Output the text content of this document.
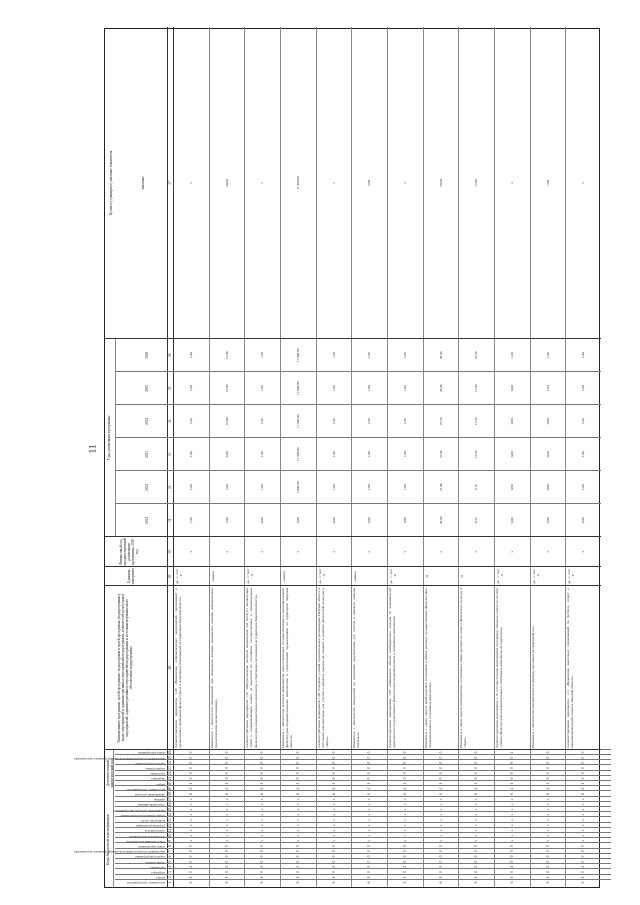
11
Коды бюджетной классификации
Дополнительный аналитический код
Наименование программы, целей программы, подпрограмм и целей программы (подпрограммы), задач, мероприятий и административных мероприятий подпрограммы, показателей цели (задач) мероприятий, административных мероприятий подпрограммы и источников финансового обеспечения подпрограммы
Единица измерения
Финансовый год, предшествующий реализации программы, 2020 год
Годы реализации программы
Целевое (суммарное) значение показателя	значение
код главного распорядителя
раздел
подраздел
программа
подпрограмма
задача подпрограммы
мероприятие (подпрограммы или административное мероприятие)
номер мероприятия
ответственный исполнитель
исполнитель мероприятия
соисполнитель
участник реализации
количество часов
подпрограмма (дополнительная)
направление расходов (программное)
отраслевой признак
признак
направление расходов
код главного распорядителя
раздел
подраздел
программа
подпрограмма
задача подпрограммы
мероприятие (подпрограммы или административное мероприятие)
номер мероприятия
2021
2022
2023
2024
2025
2026
1
2
3
4
5
6
7
8
9
10
11
12
13
14
15
16
17
18
19
20
21
22
23
24
25
26
28
29
30
31
32
33
34
35
36
37
6
1
0
2
0
0
0
0
х
х
х
х
х
х
х
х
х
6
4
1
0
0
0
0
0
0
Административное мероприятие 1.06 «Проведение добровольческих мероприятий, организаций и организация и проведение физкультурных и спортивных мероприятий на территории Тверской области»
да - 1 / нет - 0
х
1,00
1,00
1,00
1,00
1,00
1,00
х
6
1
0
2
0
0
0
0
х
х
х
х
х
х
х
х
х
6
4
1
0
0
0
0
0
0
Показатель 1 «Количество мероприятий, при проведении которых оказывалась помощь добровольцами (волонтерскими организациями)»
единиц
х
5,00
7,00
9,00
10,00
12,00
15,00
58,00
6
1
0
2
0
0
0
0
х
х
х
х
х
х
х
х
х
6
4
1
0
0
0
0
0
0
Административное мероприятие 1.07 «Предоставление льготных абонементов для детей из малоимущих семей и сопровождающих одного из родителей на посещение государственных и муниципальных физкультурно-оздоровительных комплексов и спортивных организаций на территории Тверской области»
да - 1 / нет - 0
х
0,00
1,00
1,00
1,00
1,00
1,00
х
6
1
0
2
0
0
0
0
х
х
х
х
х
х
х
х
х
6
4
1
0
0
0
0
0
0
Показатель 1 «Количество льготных абонементов, предоставленных государственными и муниципальными физкультурно-оздоровительными комплексами и спортивными организациями на территории Тверской области»
единиц
х
0,00
5 000,00
11 000,00
11 000,00
11 000,00
11 000,00
11 000,00
6
1
0
2
0
0
0
0
х
х
х
х
х
х
х
х
х
6
4
1
0
0
0
0
0
0
Административное мероприятие 1.08 «Создание условий муниципальным организациям Тверской области в получении документации для участия в проектах граждан на создание и развитие физической культуры и спорта»
да - 1 / нет - 0
х
0,00
1,00
1,00
1,00
1,00
1,00
х
6
1
0
2
0
0
0
0
х
х
х
х
х
х
х
х
х
6
4
1
0
0
0
0
0
0
Показатель 1 «Количество конкурсной по подготовке документации для участия в проектах граждан подобных»
единиц
х
0,00
1,00
1,00
1,00
1,00
1,00
5,00
6
1
0
2
0
0
0
0
х
х
х
х
х
х
х
х
х
6
4
1
0
0
0
0
0
0
Административное мероприятие 1.09 «Повышение объема внебюджетных доходов от возможностей деятельности государственных физкультурно-оздоровительных и спортивных комплексов»
да - 1 / нет - 0
х
0,00
1,00
1,00
1,00
1,00
1,00
х
6
1
0
2
0
0
0
0
х
х
х
х
х
х
х
х
х
6
4
1
0
0
0
0
0
0
Показатель 1 «Доля средств внебюджетных источников в общих расходах государственных физкультурно-оздоровительных и спортивных комплексов»
%
х
20,00
27,40
27,00
27,50
28,00
28,00
28,50
6
1
0
2
0
0
0
0
х
х
х
х
х
х
х
х
х
6
4
1
0
0
0
0
0
0
Показатель 2 «Доля средств внебюджетных источников в общих расходах на спорт и физическую культуру в спорте»
%
х
8,76
9,16
15,50
17,50
17,00
16,50
17,00
6
1
0
2
0
0
0
0
х
х
х
х
х
х
х
х
х
6
4
1
0
0
0
0
0
2
Административное мероприятие 1.10 «Осуществление мероприятий по переводу объектов спорта на систему «умное» физкультурно-оздоровительных и спортивных комплексов на территории»
да - 1 / нет - 0
х
0,00
0,00
0,00
0,00
0,00
1,00
х
6
1
0
2
0
0
0
0
х
х
х
х
х
х
х
х
х
6
4
1
0
0
0
0
0
0
Показатель 1 «Количество документации по переводу котельных на природный газ»
да - 1 / нет - 0
х
0,00
0,00
0,00
0,00
1,00
1,00
1,00
6
1
0
2
0
0
0
0
х
х
х
х
х
х
х
х
х
6
4
1
0
0
0
0
0
0
Административное мероприятие 1.11 «Проведение ежегодных соревнований по футболу, спорту и национальным видам спорта в Тверской области»
да - 1 / нет - 0
х
0,00
1,00
1,00
1,00
1,00
1,00
х
